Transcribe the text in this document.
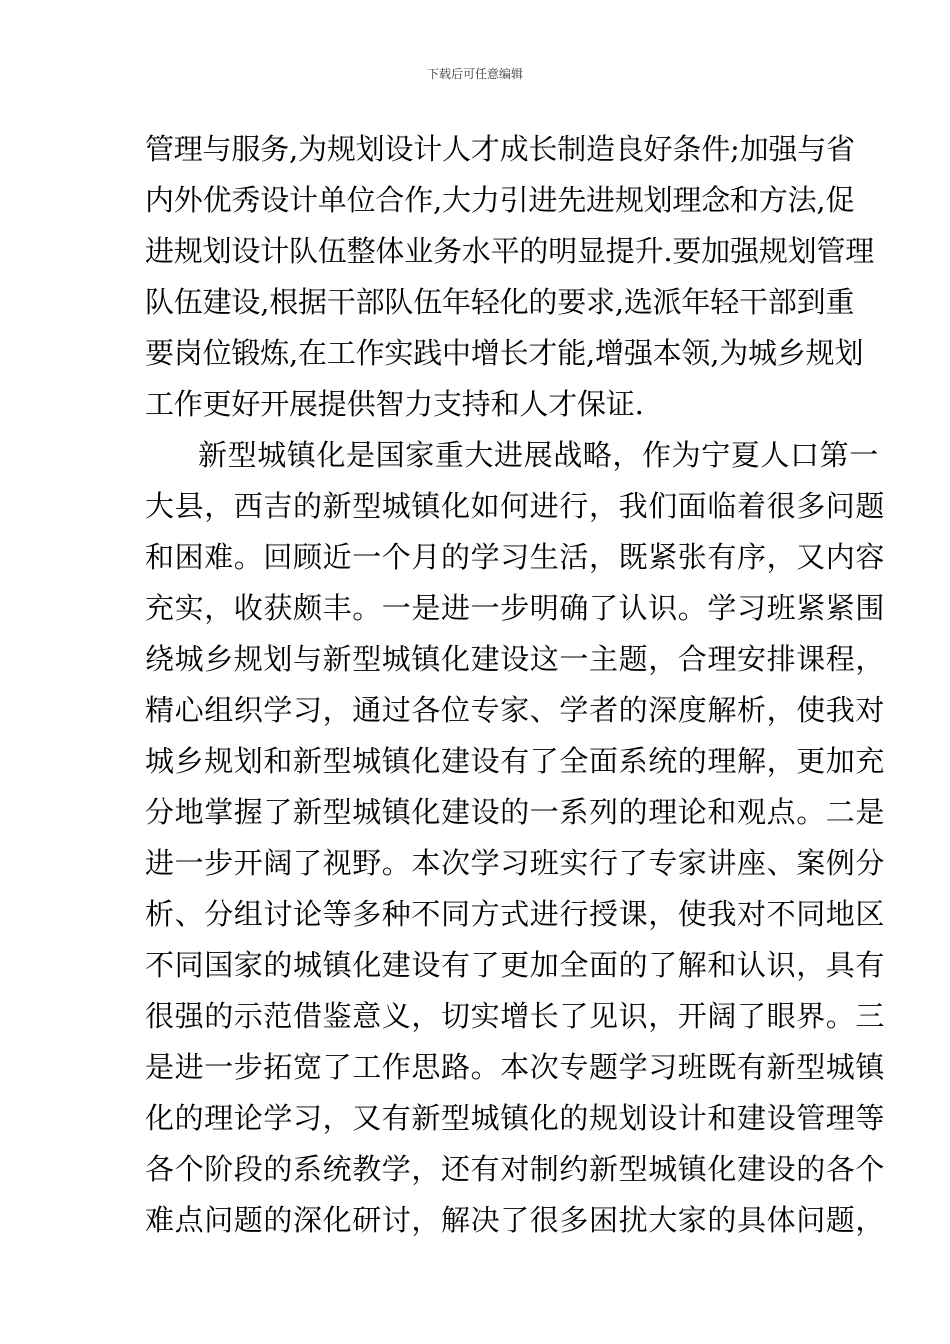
下载后可任意编辑
管理与服务,为规划设计人才成长制造良好条件;加强与省
内外优秀设计单位合作,大力引进先进规划理念和方法,促
进规划设计队伍整体业务水平的明显提升.要加强规划管理
队伍建设,根据干部队伍年轻化的要求,选派年轻干部到重
要岗位锻炼,在工作实践中增长才能,增强本领,为城乡规划
工作更好开展提供智力支持和人才保证.
新型城镇化是国家重大进展战略，作为宁夏人口第一
大县，西吉的新型城镇化如何进行，我们面临着很多问题
和困难。回顾近一个月的学习生活，既紧张有序，又内容
充实，收获颇丰。一是进一步明确了认识。学习班紧紧围
绕城乡规划与新型城镇化建设这一主题，合理安排课程，
精心组织学习，通过各位专家、学者的深度解析，使我对
城乡规划和新型城镇化建设有了全面系统的理解，更加充
分地掌握了新型城镇化建设的一系列的理论和观点。二是
进一步开阔了视野。本次学习班实行了专家讲座、案例分
析、分组讨论等多种不同方式进行授课，使我对不同地区
不同国家的城镇化建设有了更加全面的了解和认识，具有
很强的示范借鉴意义，切实增长了见识，开阔了眼界。三
是进一步拓宽了工作思路。本次专题学习班既有新型城镇
化的理论学习，又有新型城镇化的规划设计和建设管理等
各个阶段的系统教学，还有对制约新型城镇化建设的各个
难点问题的深化研讨，解决了很多困扰大家的具体问题，
